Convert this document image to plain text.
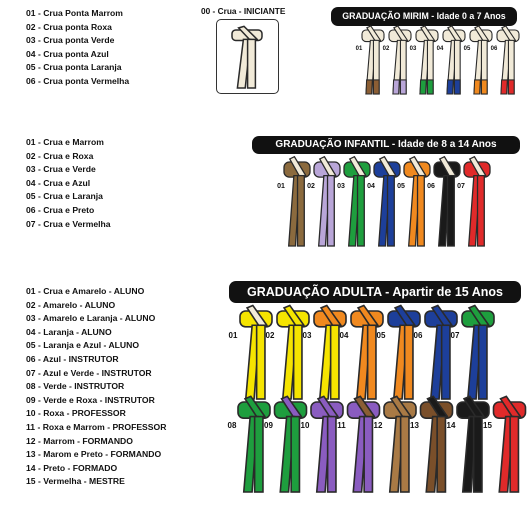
01 - Crua Ponta Marrom
02 - Crua ponta Roxa
03 - Crua ponta Verde
04 - Crua ponta Azul
05 - Crua ponta Laranja
06 - Crua ponta Vermelha
00 - Crua - INICIANTE	GRADUAÇÃO MIRIM - Idade 0 a 7 Anos
01 - Crua e Marrom
02 - Crua e Roxa
03 - Crua e Verde
04 - Crua e Azul
05 - Crua e Laranja
06 - Crua e Preto
07 - Crua e Vermelha
GRADUAÇÃO INFANTIL - Idade de 8 a 14 Anos
01 - Crua e Amarelo - ALUNO
02 - Amarelo - ALUNO
03 - Amarelo e Laranja - ALUNO
04 - Laranja - ALUNO
05 - Laranja e Azul - ALUNO
06 - Azul - INSTRUTOR
07 - Azul e Verde - INSTRUTOR
08 - Verde - INSTRUTOR
09 - Verde e Roxa - INSTRUTOR
10 - Roxa - PROFESSOR
11 - Roxa e Marrom - PROFESSOR
12 - Marrom - FORMANDO
13 - Marom e Preto - FORMANDO
14 - Preto - FORMADO
15 - Vermelha - MESTRE
GRADUAÇÃO ADULTA - Apartir de 15 Anos
01	02	03	04	05	06
01	02	03	04	05	06	07
01	02	03	04	05	06	07
08	09	10	11	12	13	14	15
